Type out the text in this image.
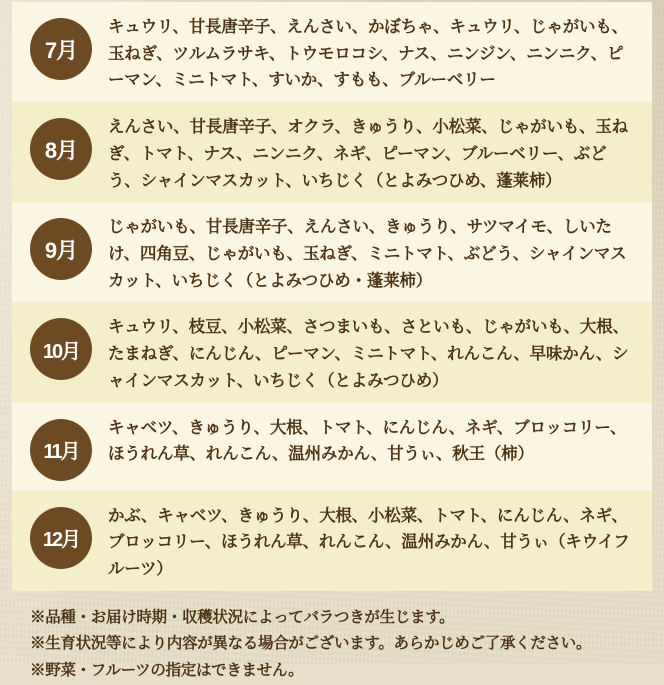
7月
キュウリ、甘長唐辛子、えんさい、かぼちゃ、キュウリ、じゃがいも、玉ねぎ、ツルムラサキ、トウモロコシ、ナス、ニンジン、ニンニク、ピーマン、ミニトマト、すいか、すもも、ブルーベリー
8月
えんさい、甘長唐辛子、オクラ、きゅうり、小松菜、じゃがいも、玉ねぎ、トマト、ナス、ニンニク、ネギ、ピーマン、ブルーベリー、ぶどう、シャインマスカット、いちじく（とよみつひめ、蓬莱柿）
9月
じゃがいも、甘長唐辛子、えんさい、きゅうり、サツマイモ、しいたけ、四角豆、じゃがいも、玉ねぎ、ミニトマト、ぶどう、シャインマスカット、いちじく（とよみつひめ・蓬莱柿）
10月
キュウリ、枝豆、小松菜、さつまいも、さといも、じゃがいも、大根、たまねぎ、にんじん、ピーマン、ミニトマト、れんこん、早味かん、シャインマスカット、いちじく（とよみつひめ）
11月
キャベツ、きゅうり、大根、トマト、にんじん、ネギ、ブロッコリー、ほうれん草、れんこん、温州みかん、甘うぃ、秋王（柿）
12月
かぶ、キャベツ、きゅうり、大根、小松菜、トマト、にんじん、ネギ、ブロッコリー、ほうれん草、れんこん、温州みかん、甘うぃ（キウイフルーツ）
※品種・お届け時期・収穫状況によってバラつきが生じます。
※生育状況等により内容が異なる場合がございます。あらかじめご了承ください。
※野菜・フルーツの指定はできません。
